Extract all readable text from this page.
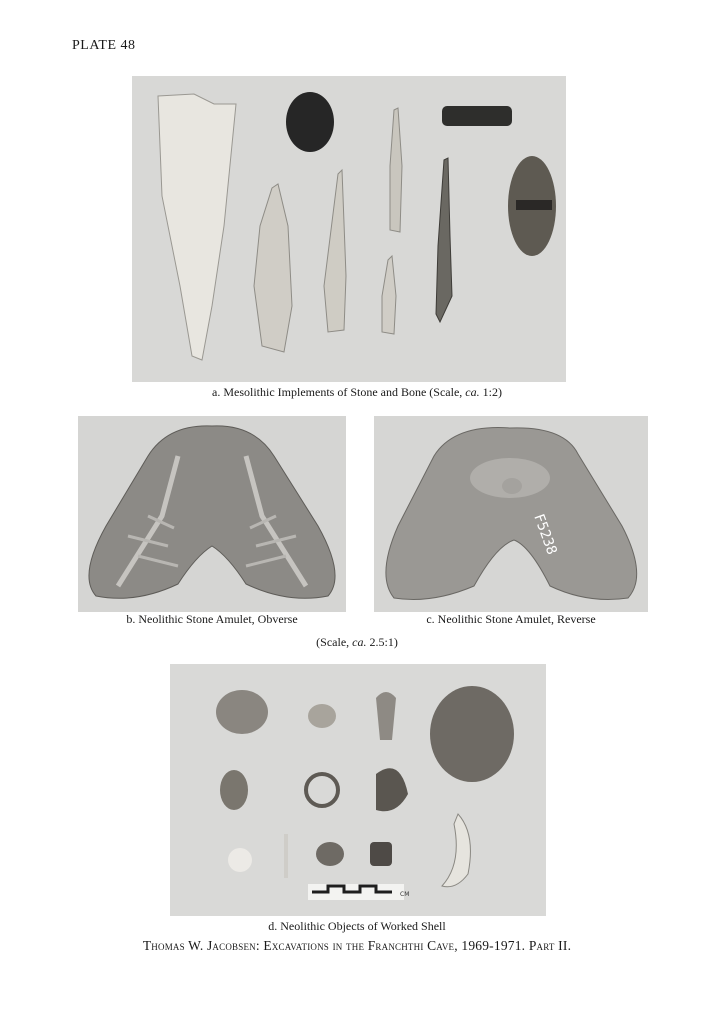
PLATE 48
a. Mesolithic Implements of Stone and Bone (Scale, ca. 1:2)
b. Neolithic Stone Amulet, Obverse
F5238
c. Neolithic Stone Amulet, Reverse
(Scale, ca. 2.5:1)
CM
d. Neolithic Objects of Worked Shell
Thomas W. Jacobsen: Excavations in the Franchthi Cave, 1969-1971. Part II.
